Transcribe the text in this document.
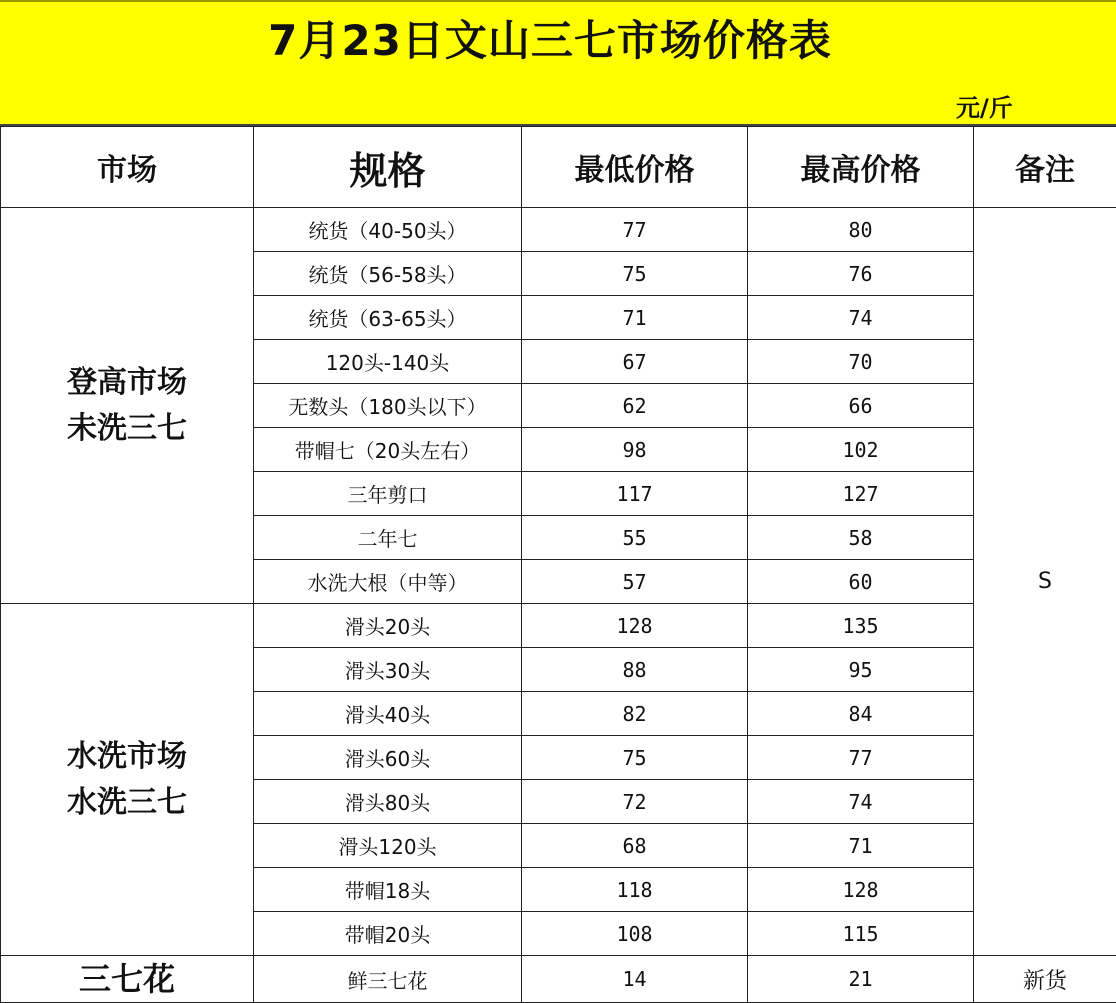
7月23日文山三七市场价格表
元/斤
市场	规格	最低价格	最高价格	备注

登高市场
未洗三七	统货（40-50头）	77	80	S
	统货（56-58头）	75	76	
	统货（63-65头）	71	74	
	120头-140头	67	70	
	无数头（180头以下）	62	66	
	带帽七（20头左右）	98	102	
	三年剪口	117	127	
	二年七	55	58	
	水洗大根（中等）	57	60	

水洗市场
水洗三七	滑头20头	128	135	
	滑头30头	88	95	
	滑头40头	82	84	
	滑头60头	75	77	
	滑头80头	72	74	
	滑头120头	68	71	
	带帽18头	118	128	
	带帽20头	108	115	
三七花	鲜三七花	14	21	新货
